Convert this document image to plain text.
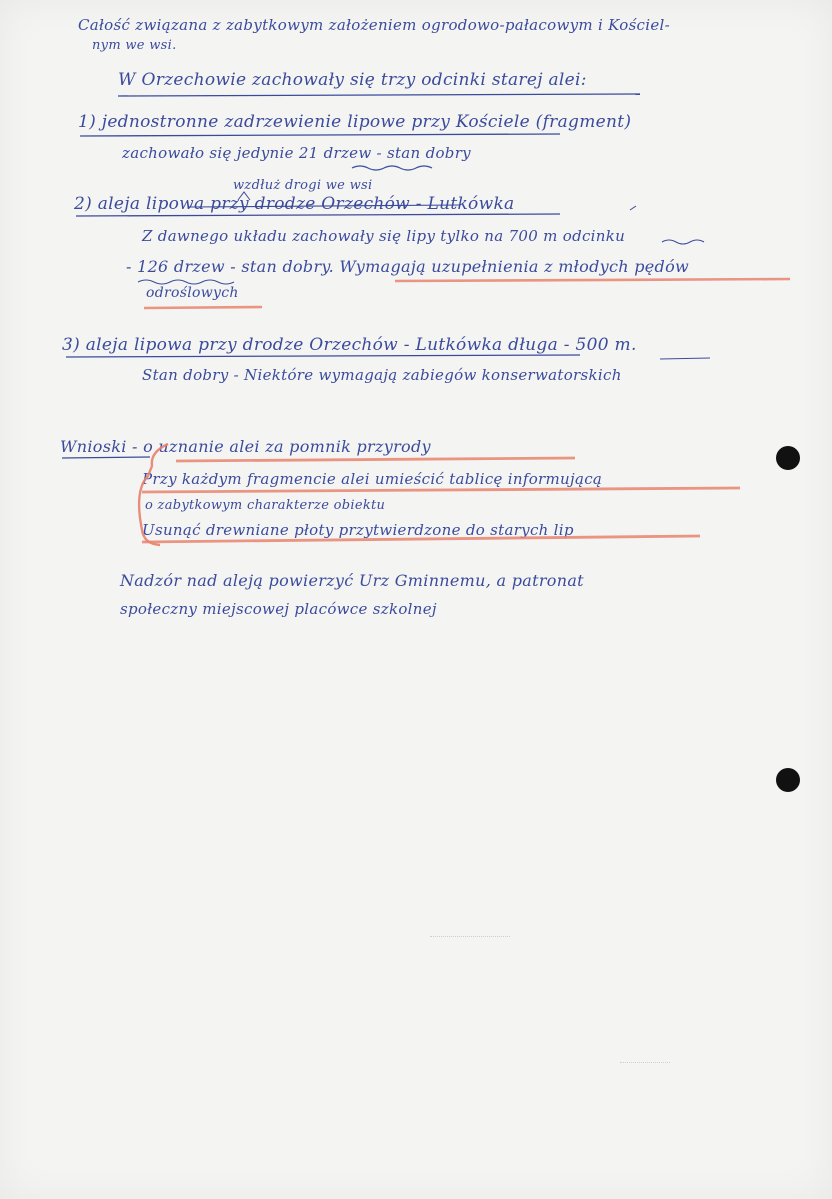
Całość związana z zabytkowym założeniem ogrodowo-pałacowym i Kościel-

nym we wsi.

W Orzechowie zachowały się trzy odcinki starej alei:

1) jednostronne zadrzewienie lipowe przy Kościele (fragment)

zachowało się jedynie 21 drzew - stan dobry

wzdłuż drogi we wsi

2) aleja lipowa przy drodze Orzechów - Lutkówka

Z dawnego układu zachowały się lipy tylko na 700 m odcinku

- 126 drzew - stan dobry. Wymagają uzupełnienia z młodych pędów

odroślowych

3) aleja lipowa przy drodze Orzechów - Lutkówka długa - 500 m.

Stan dobry - Niektóre wymagają zabiegów konserwatorskich

Wnioski - o uznanie alei za pomnik przyrody

Przy każdym fragmencie alei umieścić tablicę informującą

o zabytkowym charakterze obiektu

Usunąć drewniane płoty przytwierdzone do starych lip

Nadzór nad aleją powierzyć Urz Gminnemu, a patronat

społeczny miejscowej placówce szkolnej
